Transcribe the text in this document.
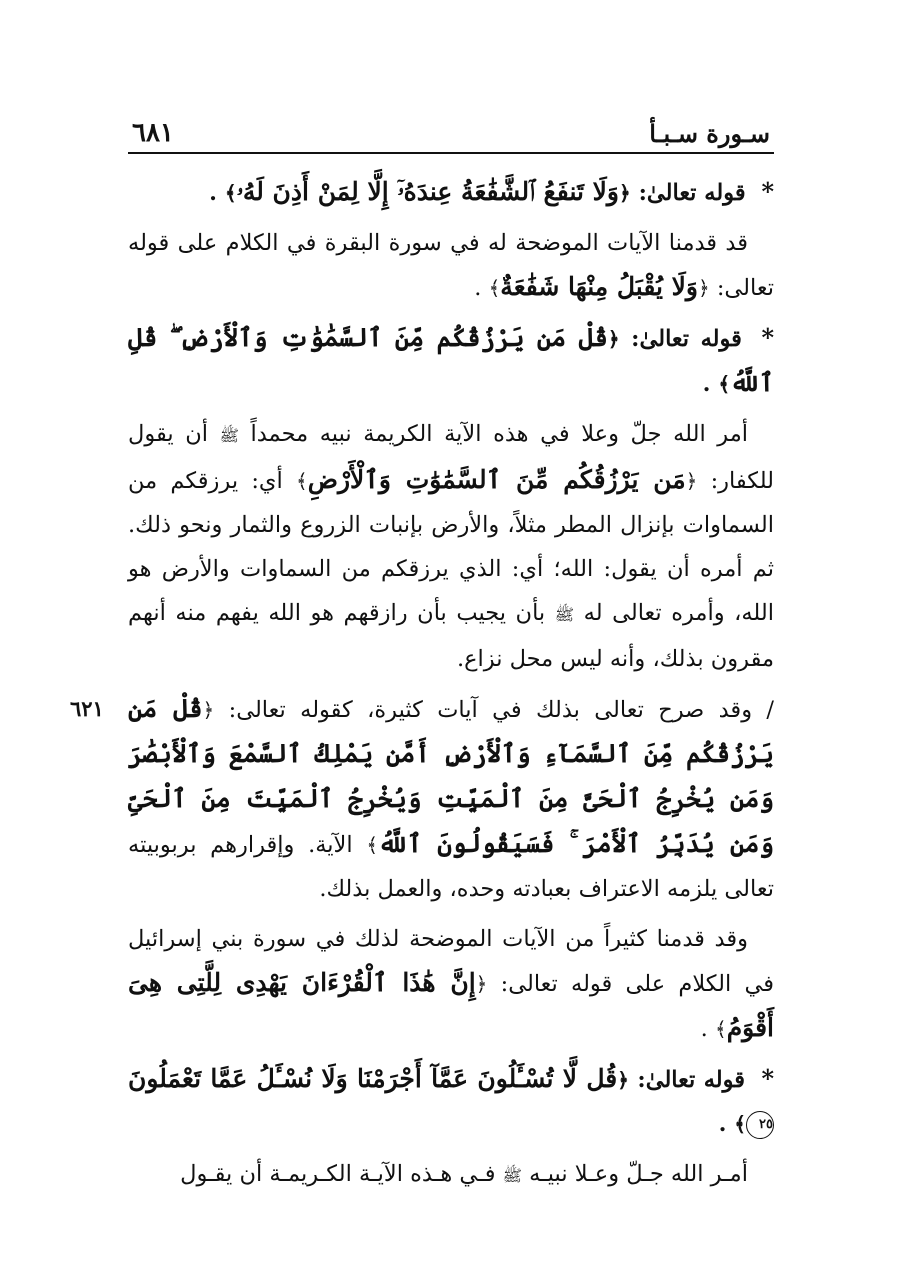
سـورة سـبـأ
٦٨١

* قوله تعالىٰ: ﴿وَلَا تَنفَعُ ٱلشَّفَٰعَةُ عِندَهُۥٓ إِلَّا لِمَنْ أَذِنَ لَهُۥ﴾ .

قد قدمنا الآيات الموضحة له في سورة البقرة في الكلام على قوله تعالى: ﴿وَلَا يُقْبَلُ مِنْهَا شَفَٰعَةٌ﴾ .

* قوله تعالىٰ: ﴿قُلْ مَن يَرْزُقُكُم مِّنَ ٱلسَّمَٰوَٰتِ وَٱلْأَرْضِ ۖ قُلِ ٱللَّهُ﴾ .

أمر الله جلّ وعلا في هذه الآية الكريمة نبيه محمداً ﷺ أن يقول للكفار: ﴿مَن يَرْزُقُكُم مِّنَ ٱلسَّمَٰوَٰتِ وَٱلْأَرْضِ﴾ أي: يرزقكم من السماوات بإنزال المطر مثلاً، والأرض بإنبات الزروع والثمار ونحو ذلك. ثم أمره أن يقول: الله؛ أي: الذي يرزقكم من السماوات والأرض هو الله، وأمره تعالى له ﷺ بأن يجيب بأن رازقهم هو الله يفهم منه أنهم مقرون بذلك، وأنه ليس محل نزاع.

٦٢١	/ وقد صرح تعالى بذلك في آيات كثيرة، كقوله تعالى: ﴿قُلْ مَن يَرْزُقُكُم مِّنَ ٱلسَّمَآءِ وَٱلْأَرْضِ أَمَّن يَمْلِكُ ٱلسَّمْعَ وَٱلْأَبْصَٰرَ وَمَن يُخْرِجُ ٱلْحَىَّ مِنَ ٱلْمَيِّتِ وَيُخْرِجُ ٱلْمَيِّتَ مِنَ ٱلْحَىِّ وَمَن يُدَبِّرُ ٱلْأَمْرَ ۚ فَسَيَقُولُونَ ٱللَّهُ﴾ الآية. وإقرارهم بربوبيته تعالى يلزمه الاعتراف بعبادته وحده، والعمل بذلك.

وقد قدمنا كثيراً من الآيات الموضحة لذلك في سورة بني إسرائيل في الكلام على قوله تعالى: ﴿إِنَّ هَٰذَا ٱلْقُرْءَانَ يَهْدِى لِلَّتِى هِىَ أَقْوَمُ﴾ .

* قوله تعالىٰ: ﴿قُل لَّا تُسْـَٔلُونَ عَمَّآ أَجْرَمْنَا وَلَا نُسْـَٔلُ عَمَّا تَعْمَلُونَ ٢٥﴾ .

أمـر الله جـلّ وعـلا نبيـه ﷺ فـي هـذه الآيـة الكـريمـة أن يقـول
